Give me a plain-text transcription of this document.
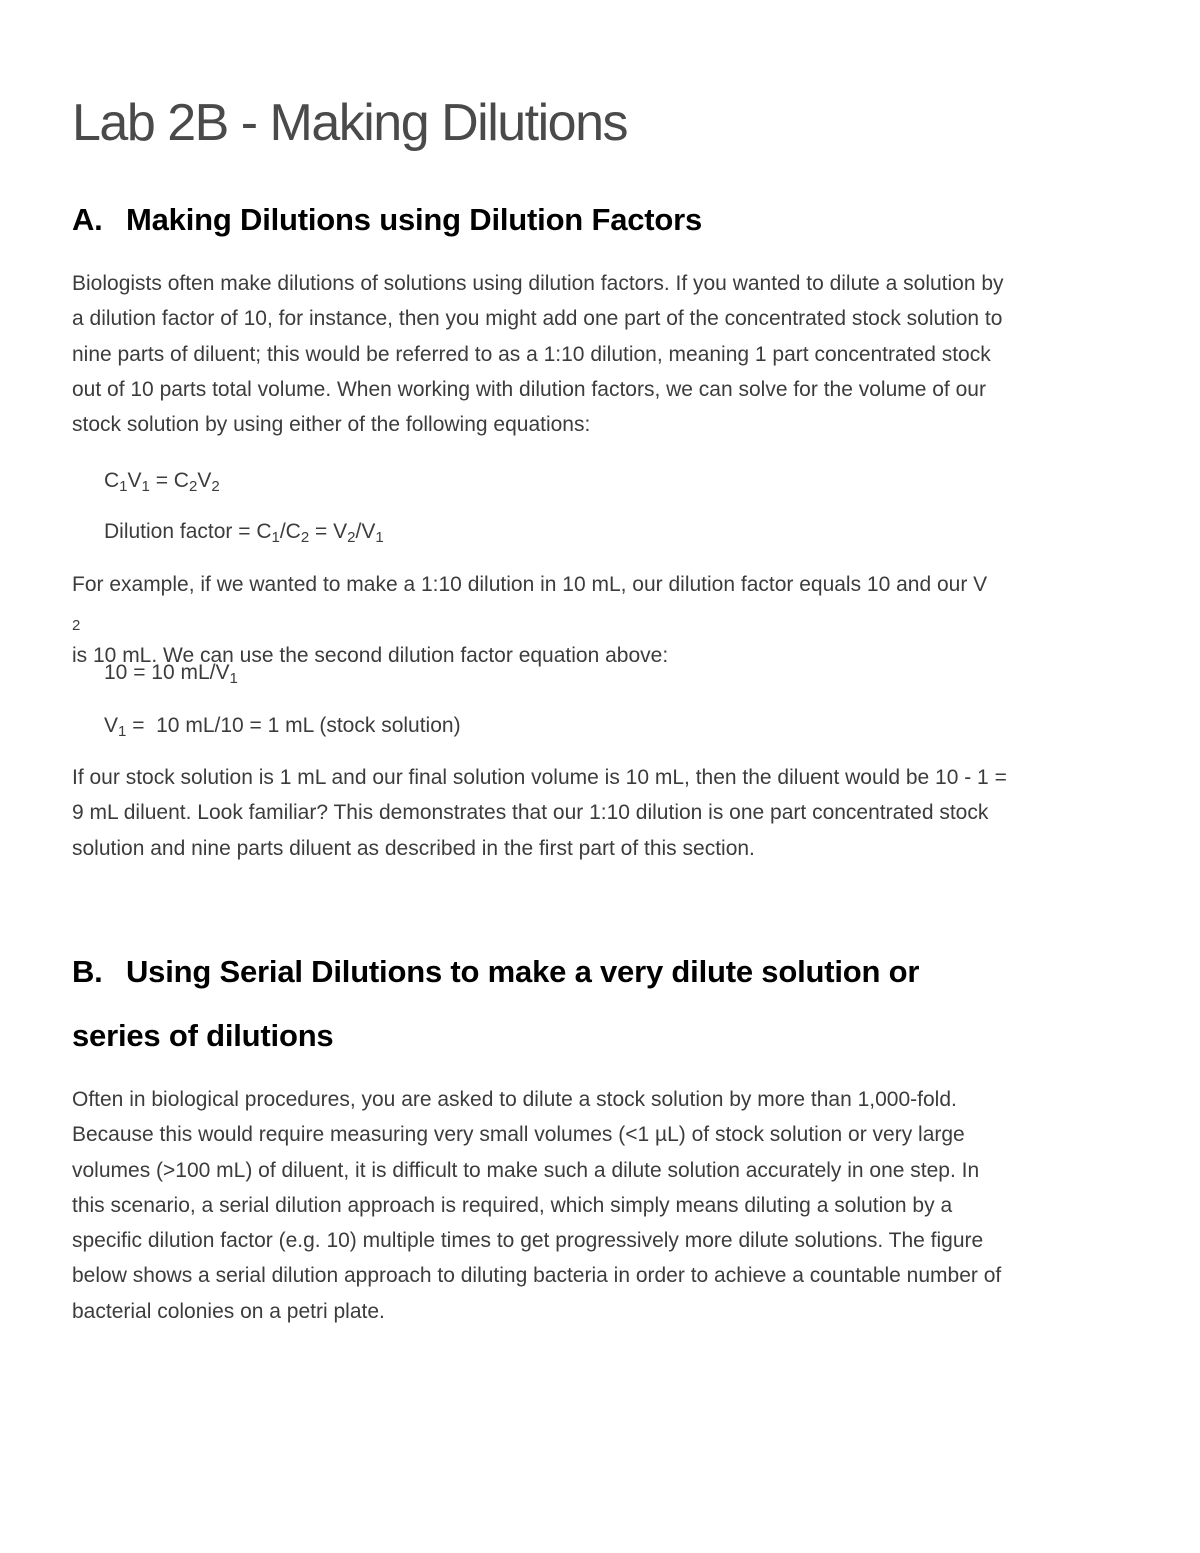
Lab 2B - Making Dilutions
A. Making Dilutions using Dilution Factors

Biologists often make dilutions of solutions using dilution factors. If you wanted to dilute a solution by
a dilution factor of 10, for instance, then you might add one part of the concentrated stock solution to
nine parts of diluent; this would be referred to as a 1:10 dilution, meaning 1 part concentrated stock
out of 10 parts total volume. When working with dilution factors, we can solve for the volume of our
stock solution by using either of the following equations:

$C_1V_1 = C_2V_2$

Dilution factor = $C_1/C_2 = V_2/V_1$

For example, if we wanted to make a 1:10 dilution in 10 mL, our dilution factor equals 10 and our V
$_2$
is 10 mL. We can use the second dilution factor equation above:

10 = 10 $mL/V_1$

$V_1 = 10$ mL/10 = 1 mL (stock solution)

If our stock solution is 1 mL and our final solution volume is 10 mL, then the diluent would be 10 - 1 =
9 mL diluent. Look familiar? This demonstrates that our 1:10 dilution is one part concentrated stock
solution and nine parts diluent as described in the first part of this section.

B. Using Serial Dilutions to make a very dilute solution or
series of dilutions

Often in biological procedures, you are asked to dilute a stock solution by more than 1,000-fold.
Because this would require measuring very small volumes (<1 µL) of stock solution or very large
volumes (>100 mL) of diluent, it is difficult to make such a dilute solution accurately in one step. In
this scenario, a serial dilution approach is required, which simply means diluting a solution by a
specific dilution factor (e.g. 10) multiple times to get progressively more dilute solutions. The figure
below shows a serial dilution approach to diluting bacteria in order to achieve a countable number of
bacterial colonies on a petri plate.
